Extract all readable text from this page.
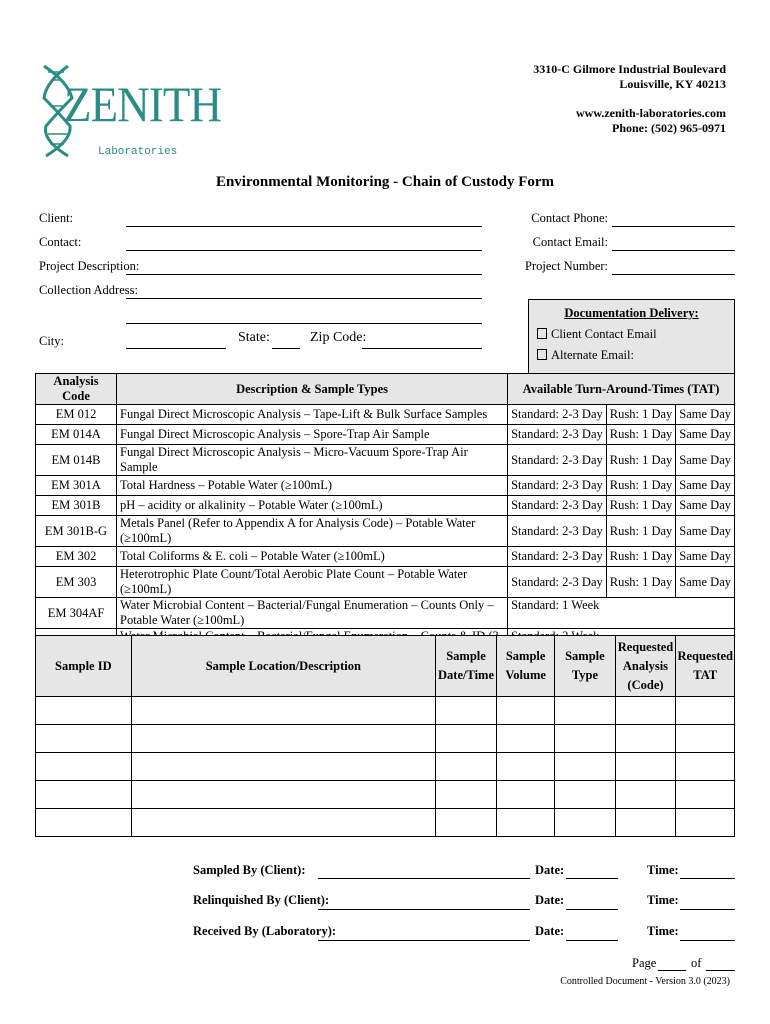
ZENITH
Laboratories
3310-C Gilmore Industrial Boulevard
Louisville, KY 40213
www.zenith-laboratories.com
Phone: (502) 965-0971
Environmental Monitoring - Chain of Custody Form
Client:
Contact:
Project Description:
Collection Address:
City:	State:	Zip Code:
Contact Phone:
Contact Email:
Project Number:
Documentation Delivery:
Client Contact Email
Alternate Email:
Analysis Code	Description & Sample Types	Available Turn-Around-Times (TAT)		
EM 012	Fungal Direct Microscopic Analysis – Tape-Lift & Bulk Surface Samples	Standard: 2-3 Day	Rush: 1 Day	Same Day
EM 014A	Fungal Direct Microscopic Analysis – Spore-Trap Air Sample	Standard: 2-3 Day	Rush: 1 Day	Same Day
EM 014B	Fungal Direct Microscopic Analysis – Micro-Vacuum Spore-Trap Air Sample	Standard: 2-3 Day	Rush: 1 Day	Same Day
EM 301A	Total Hardness – Potable Water (≥100mL)	Standard: 2-3 Day	Rush: 1 Day	Same Day
EM 301B	pH – acidity or alkalinity – Potable Water (≥100mL)	Standard: 2-3 Day	Rush: 1 Day	Same Day
EM 301B-G	Metals Panel (Refer to Appendix A for Analysis Code) – Potable Water (≥100mL)	Standard: 2-3 Day	Rush: 1 Day	Same Day
EM 302	Total Coliforms & E. coli – Potable Water (≥100mL)	Standard: 2-3 Day	Rush: 1 Day	Same Day
EM 303	Heterotrophic Plate Count/Total Aerobic Plate Count – Potable Water (≥100mL)	Standard: 2-3 Day	Rush: 1 Day	Same Day
EM 304AF	Water Microbial Content – Bacterial/Fungal Enumeration – Counts Only – Potable Water (≥100mL)	Standard: 1 Week		

Sample ID	Sample Location/Description	Sample Date/Time	Sample Volume	Sample Type	Requested Analysis (Code)	Requested TAT

Sampled By (Client):	Date:	Time:
Relinquished By (Client):	Date:	Time:
Received By (Laboratory):	Date:	Time:
Page	of
Controlled Document - Version 3.0 (2023)
